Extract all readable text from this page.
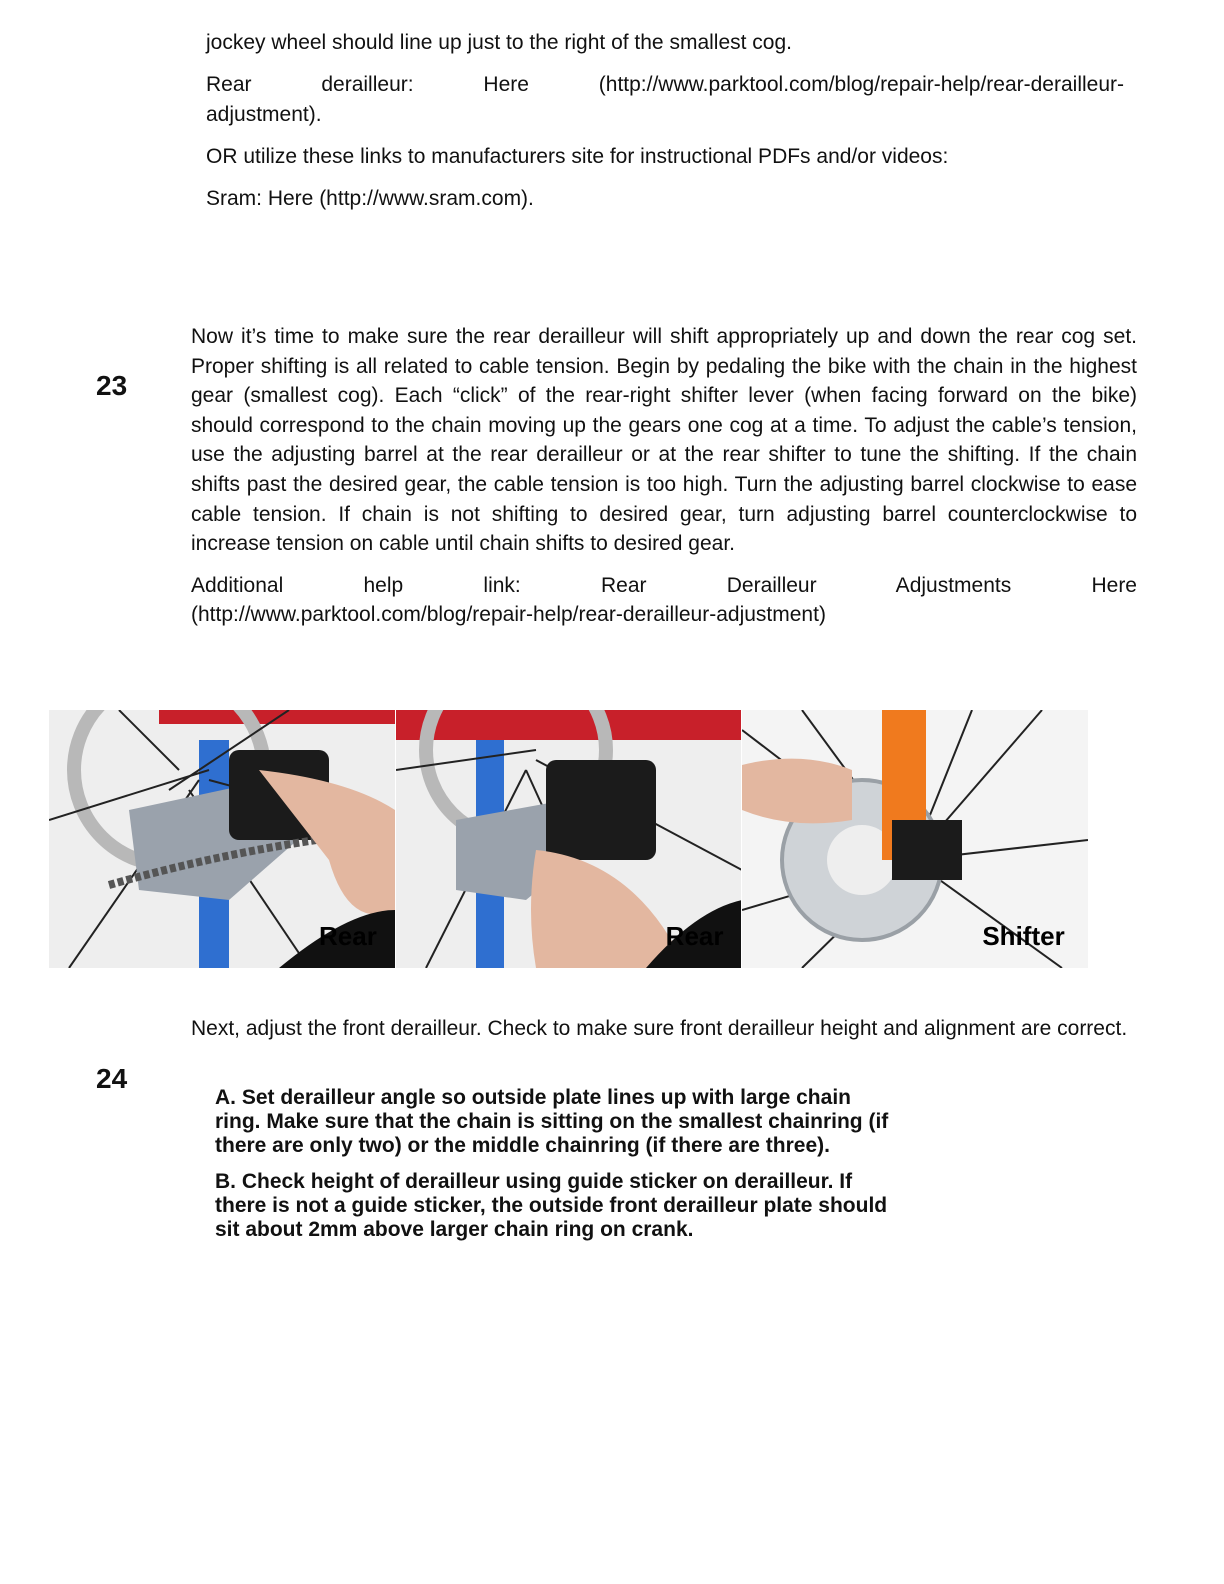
jockey wheel should line up just to the right of the smallest cog.

Rear derailleur: Here (http://www.parktool.com/blog/repair-help/rear-derailleur-

adjustment).

OR utilize these links to manufacturers site for instructional PDFs and/or videos:

Sram: Here (http://www.sram.com).

23

Now it’s time to make sure the rear derailleur will shift appropriately up and down the rear cog set. Proper shifting is all related to cable tension. Begin by pedaling the bike with the chain in the highest gear (smallest cog). Each “click” of the rear-right shifter lever (when facing forward on the bike) should correspond to the chain moving up the gears one cog at a time. To adjust the cable’s tension, use the adjusting barrel at the rear derailleur or at the rear shifter to tune the shifting. If the chain shifts past the desired gear, the cable tension is too high. Turn the adjusting barrel clockwise to ease cable tension. If chain is not shifting to desired gear, turn adjusting barrel counterclockwise to increase tension on cable until chain shifts to desired gear.

Additional help link: Rear Derailleur Adjustments Here

(http://www.parktool.com/blog/repair-help/rear-derailleur-adjustment)

Rear	Rear	Shifter
24

Next, adjust the front derailleur. Check to make sure front derailleur height and alignment are correct.

A. Set derailleur angle so outside plate lines up with large chain ring. Make sure that the chain is sitting on the smallest chainring (if there are only two) or the middle chainring (if there are three).

B. Check height of derailleur using guide sticker on derailleur. If there is not a guide sticker, the outside front derailleur plate should sit about 2mm above larger chain ring on crank.
